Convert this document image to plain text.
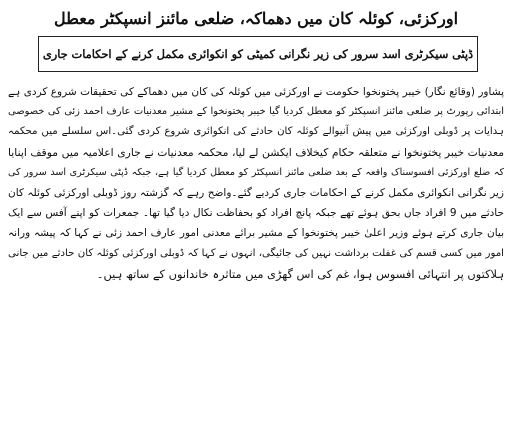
اورکزئی، کوئلہ کان میں دھماکہ، ضلعی مائنز انسپکٹر معطل
ڈپٹی سیکرٹری اسد سرور کی زیر نگرانی کمیٹی کو انکوائری مکمل کرنے کے احکامات جاری
پشاور (وقائع نگار) خیبر پختونخوا حکومت نے اورکزئی میں کوئلہ کی کان میں دھماکے کی تحقیقات شروع کردی ہے
ابتدائی رپورٹ پر ضلعی مائنز انسپکٹر کو معطل کردیا گیا خیبر پختونخوا کے مشیر معدنیات عارف احمد زئی کی خصوصی
ہدایات پر ڈوبلی اورکزئی میں پیش آنیوالے کوئلہ کان حادثے کی انکوائری شروع کردی گئی۔اس سلسلے میں محکمہ
معدنیات خیبر پختونخوا نے متعلقہ حکام کیخلاف ایکشن لے لیا، محکمہ معدنیات نے جاری اعلامیہ میں موقف اپنایا
کہ ضلع اورکزئی افسوسناک واقعہ کے بعد ضلعی مائنز انسپکٹر کو معطل کردیا گیا ہے، جبکہ ڈپٹی سیکرٹری اسد سرور کی
زیر نگرانی انکوائری مکمل کرنے کے احکامات جاری کردیے گئے۔واضح رہے کہ گزشتہ روز ڈوبلی اورکزئی کوئلہ کان
حادثے میں 9 افراد جاں بحق ہوئے تھے جبکہ پانچ افراد کو بحفاظت نکال دیا گیا تھا۔ جمعرات کو اپنے آفس سے ایک
بیان جاری کرتے ہوئے وزیر اعلیٰ خیبر پختونخوا کے مشیر برائے معدنی امور عارف احمد زئی نے کہا کہ پیشہ ورانہ
امور میں کسی قسم کی غفلت برداشت نہیں کی جائیگی، انہوں نے کہا کہ ڈوبلی اورکزئی کوئلہ کان حادثے میں جانی
ہلاکتوں پر انتہائی افسوس ہوا، غم کی اس گھڑی میں متاثرہ خاندانوں کے ساتھ ہیں۔
